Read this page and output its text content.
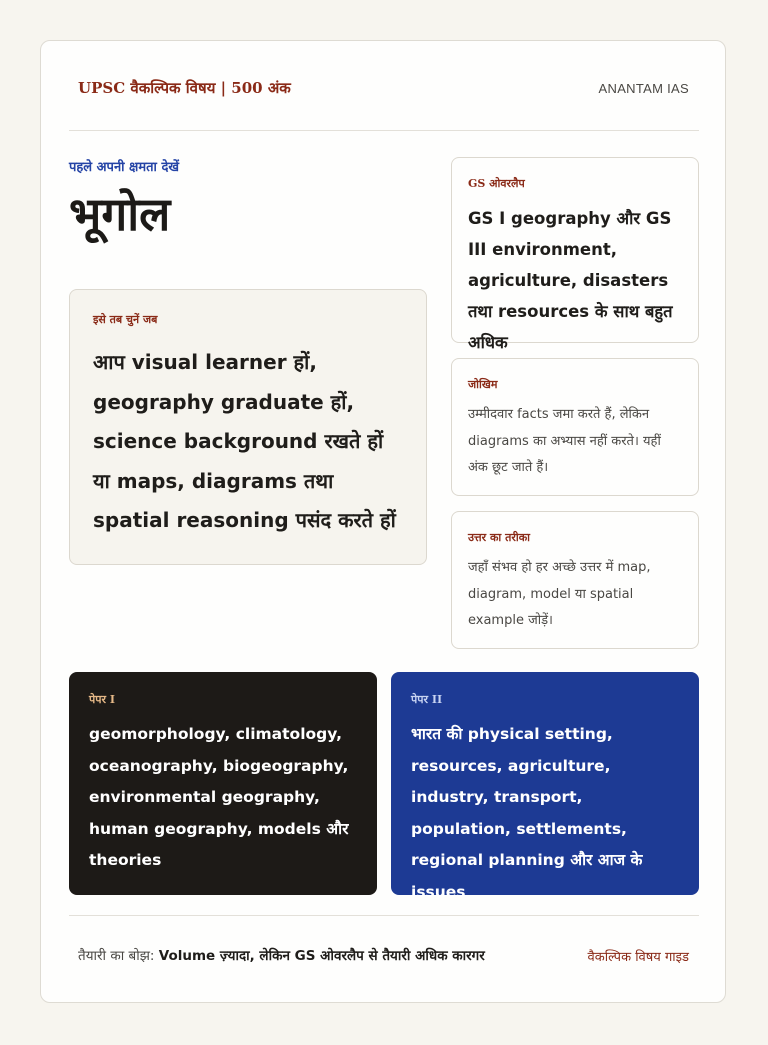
UPSC वैकल्पिक विषय | 500 अंक	ANANTAM IAS
पहले अपनी क्षमता देखें
भूगोल
इसे तब चुनें जब
आप visual learner हों, geography graduate हों, science background रखते हों या maps, diagrams तथा spatial reasoning पसंद करते हों
GS ओवरलैप
GS I geography और GS III environment, agriculture, disasters तथा resources के साथ बहुत अधिक
जोखिम
उम्मीदवार facts जमा करते हैं, लेकिन diagrams का अभ्यास नहीं करते। यहीं अंक छूट जाते हैं।
उत्तर का तरीका
जहाँ संभव हो हर अच्छे उत्तर में map, diagram, model या spatial example जोड़ें।
पेपर I
geomorphology, climatology, oceanography, biogeography, environmental geography, human geography, models और theories
पेपर II
भारत की physical setting, resources, agriculture, industry, transport, population, settlements, regional planning और आज के issues
तैयारी का बोझ: Volume ज़्यादा, लेकिन GS ओवरलैप से तैयारी अधिक कारगर	वैकल्पिक विषय गाइड
